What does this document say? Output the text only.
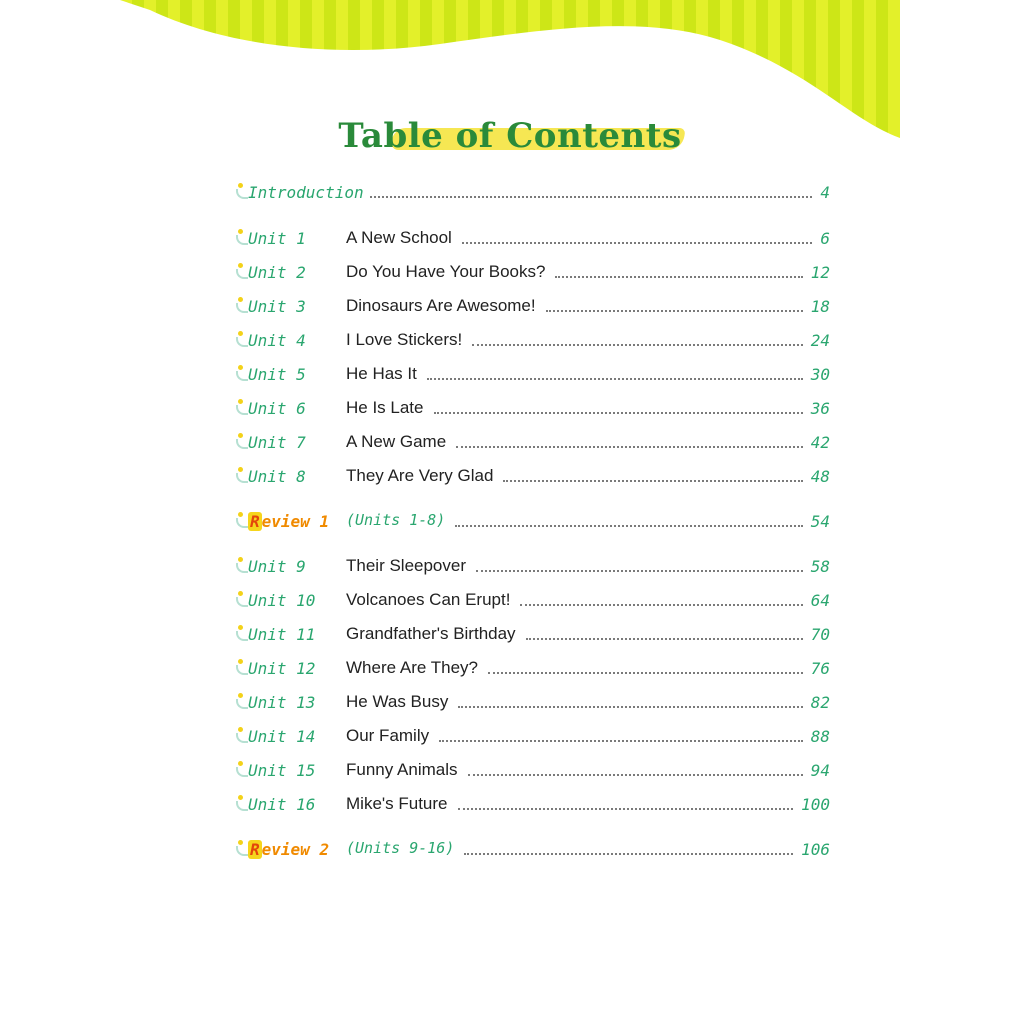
Table of Contents
Introduction	4
Unit 1 A New School	6
Unit 2 Do You Have Your Books?	12
Unit 3 Dinosaurs Are Awesome!	18
Unit 4 I Love Stickers!	24
Unit 5 He Has It	30
Unit 6 He Is Late	36
Unit 7 A New Game	42
Unit 8 They Are Very Glad	48
R eview 1 (Units 1-8)	54
Unit 9 Their Sleepover	58
Unit 10 Volcanoes Can Erupt!	64
Unit 11 Grandfather's Birthday	70
Unit 12 Where Are They?	76
Unit 13 He Was Busy	82
Unit 14 Our Family	88
Unit 15 Funny Animals	94
Unit 16 Mike's Future	100
R eview 2 (Units 9-16)	106
